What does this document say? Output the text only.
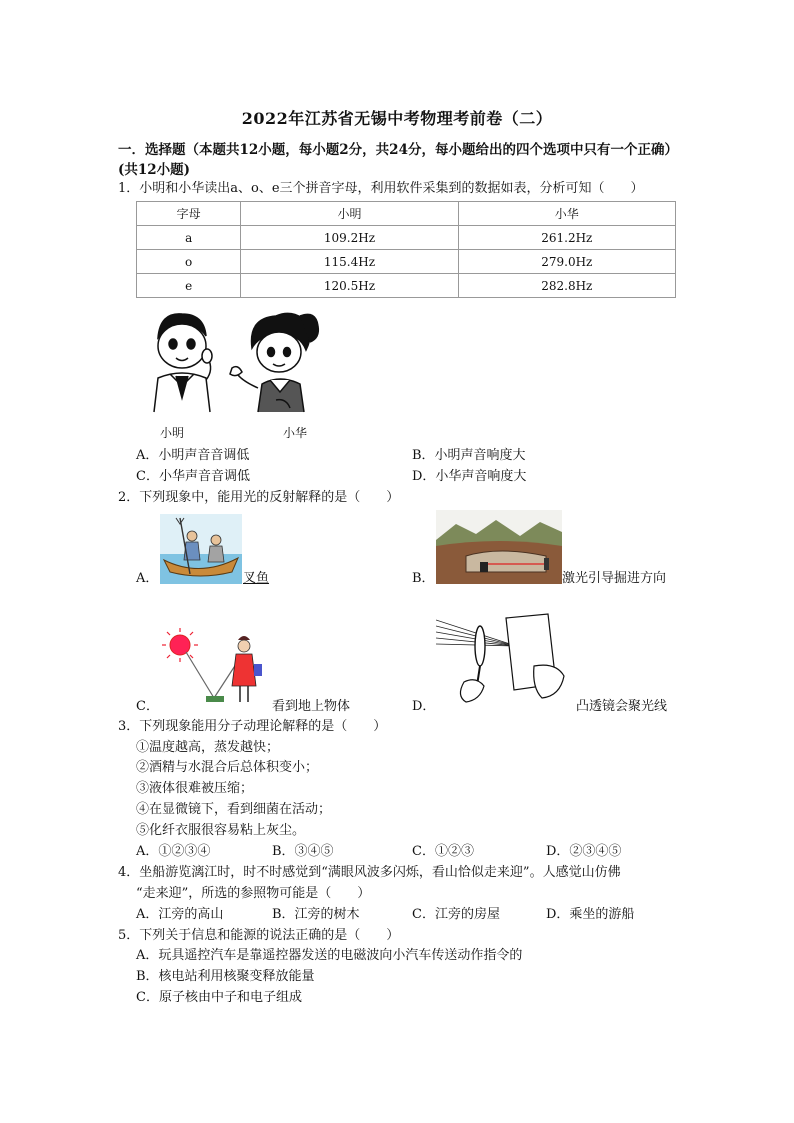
2022年江苏省无锡中考物理考前卷（二）
一．选择题（本题共12小题，每小题2分，共24分，每小题给出的四个选项中只有一个正确）(共12小题)
1．小明和小华读出a、o、e三个拼音字母，利用软件采集到的数据如表，分析可知（　　）
字母	小明	小华
a	109.2Hz	261.2Hz
o	115.4Hz	279.0Hz
e	120.5Hz	282.8Hz
小明	小华
A．小明声音音调低	B．小明声音响度大
C．小华声音音调低	D．小华声音响度大
2．下列现象中，能用光的反射解释的是（　　）
A．	叉鱼	B．	激光引导掘进方向
C．	看到地上物体	D．	凸透镜会聚光线
3．下列现象能用分子动理论解释的是（　　）
①温度越高，蒸发越快；
②酒精与水混合后总体积变小；
③液体很难被压缩；
④在显微镜下，看到细菌在活动；
⑤化纤衣服很容易粘上灰尘。
A．①②③④	B．③④⑤	C．①②③	D．②③④⑤
4．坐船游览漓江时，时不时感觉到“满眼风波多闪烁，看山恰似走来迎”。人感觉山仿佛
“走来迎”，所选的参照物可能是（　　）
A．江旁的高山	B．江旁的树木	C．江旁的房屋	D．乘坐的游船
5．下列关于信息和能源的说法正确的是（　　）
A．玩具遥控汽车是靠遥控器发送的电磁波向小汽车传送动作指令的
B．核电站利用核聚变释放能量
C．原子核由中子和电子组成
